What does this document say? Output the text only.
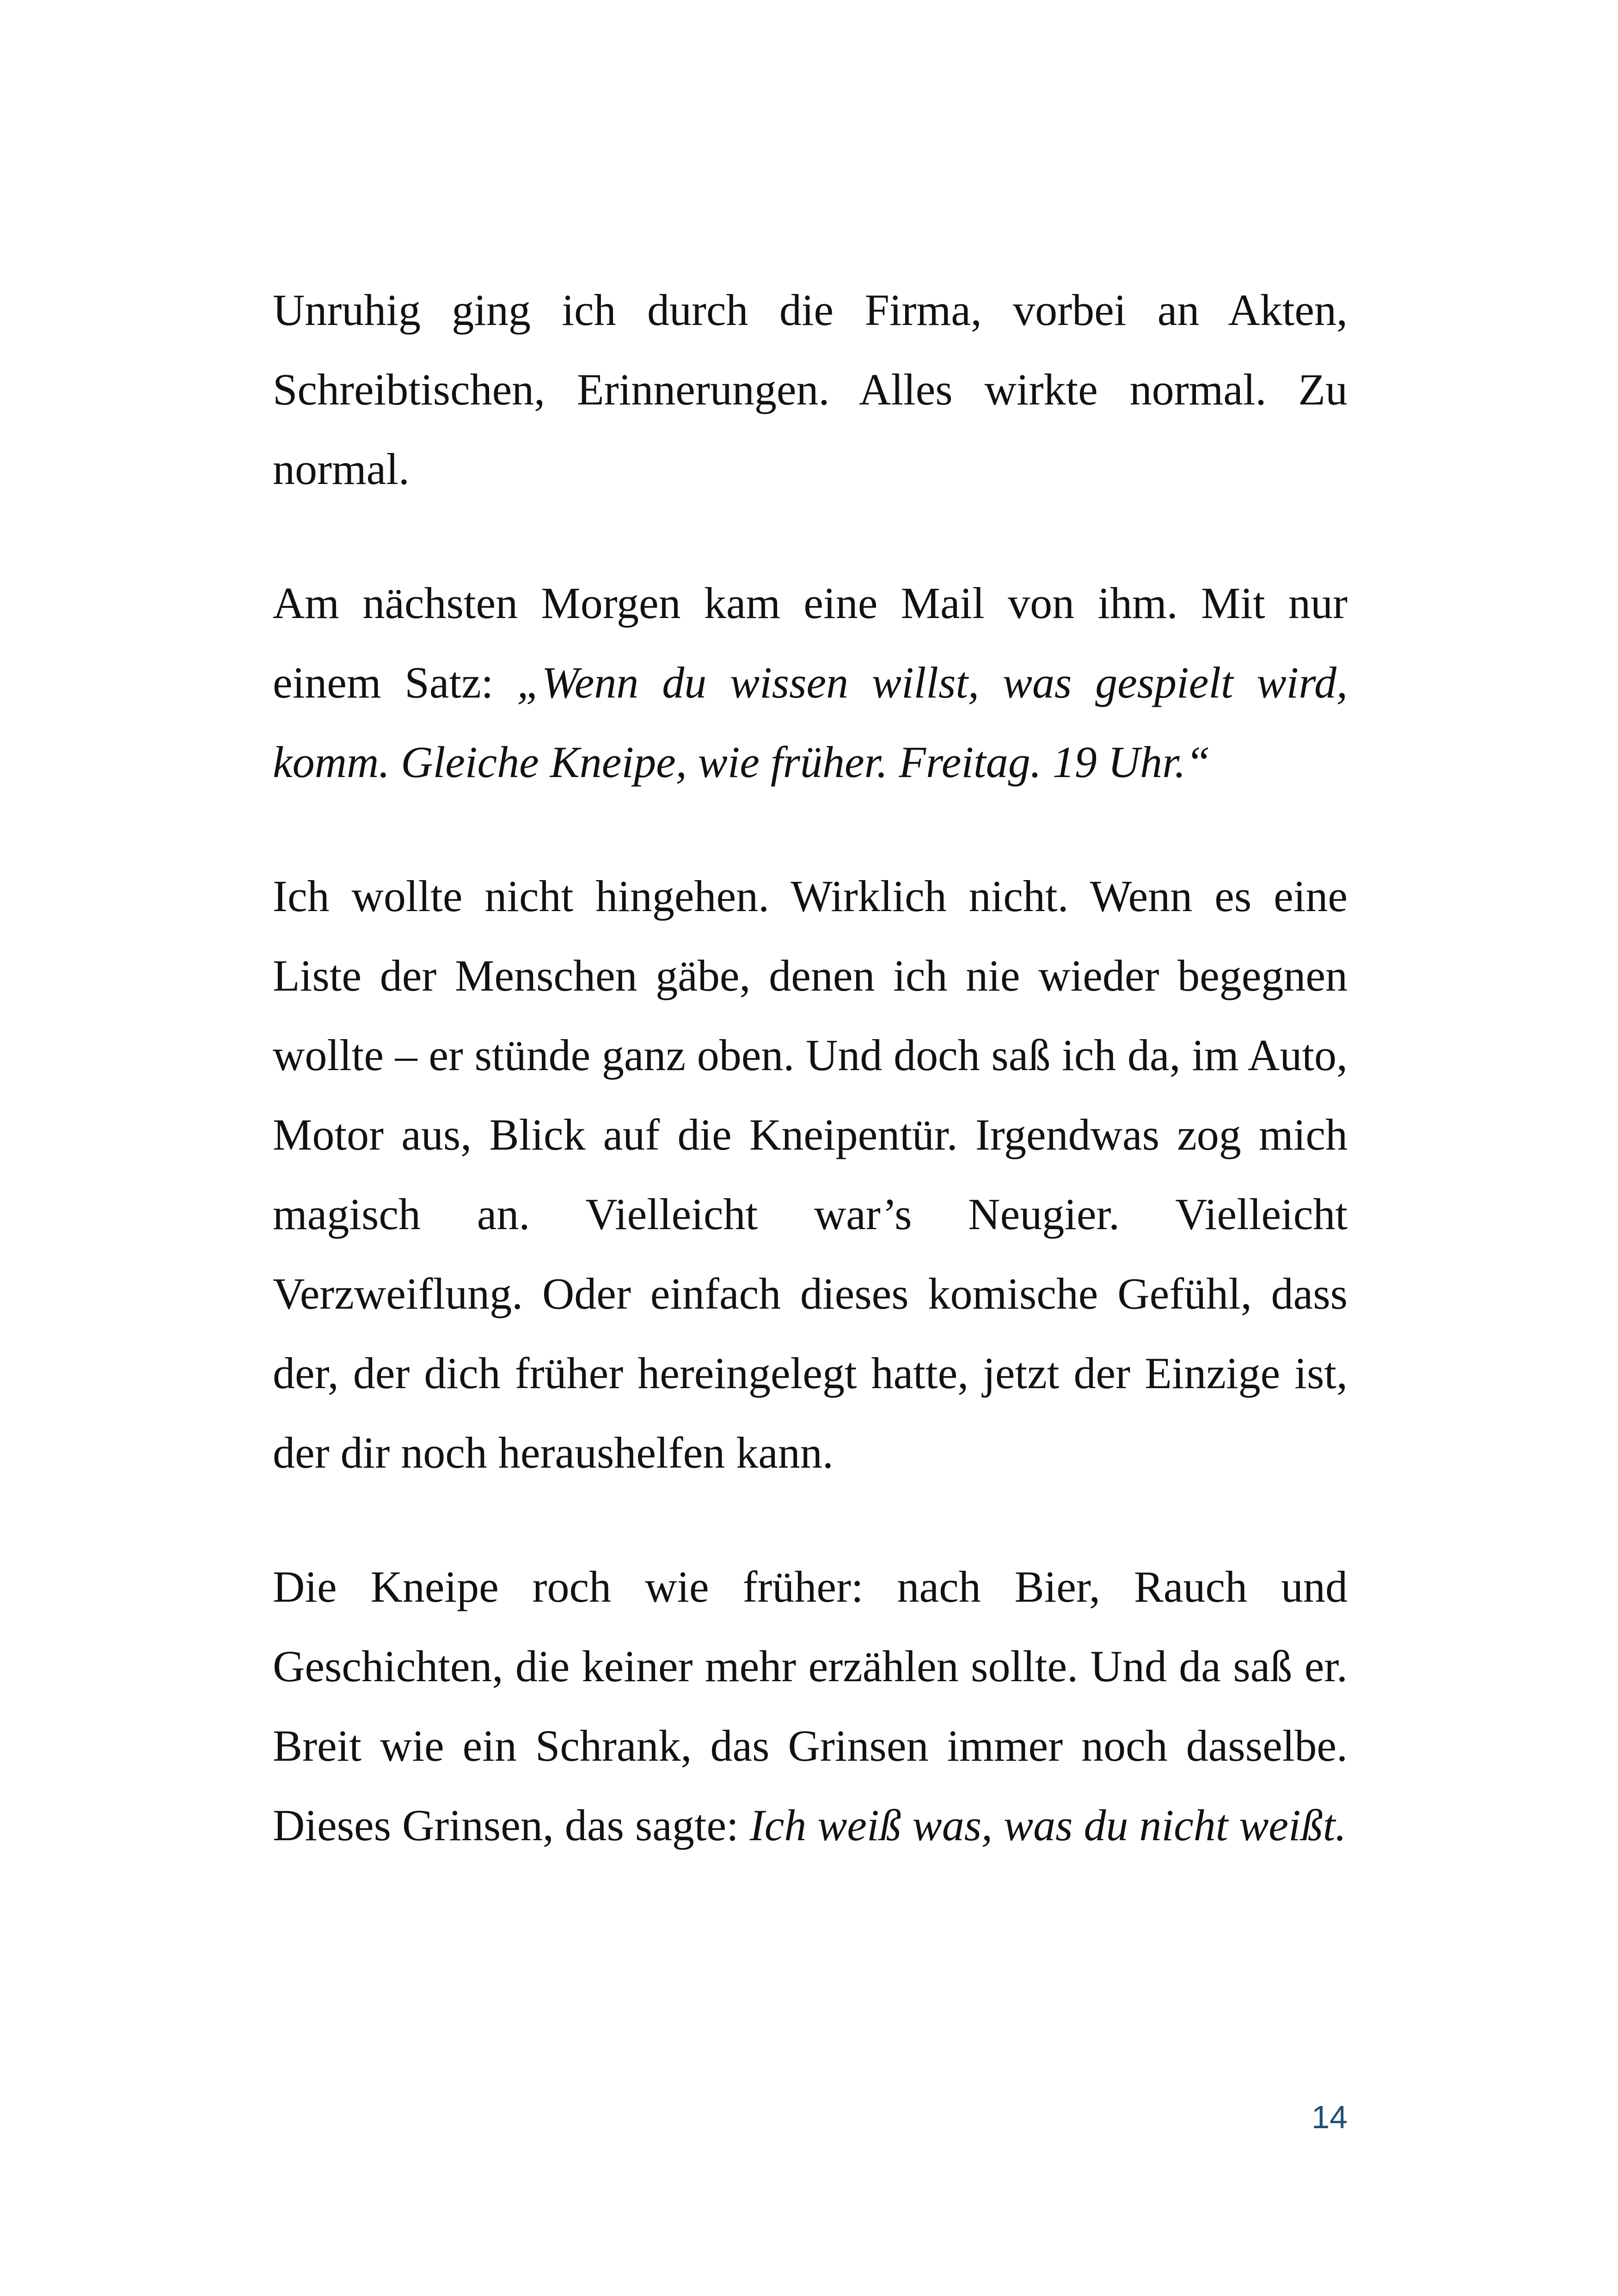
Unruhig ging ich durch die Firma, vorbei an Akten, Schreibtischen, Erinnerungen. Alles wirkte normal. Zu normal.

Am nächsten Morgen kam eine Mail von ihm. Mit nur einem Satz: „Wenn du wissen willst, was gespielt wird, komm. Gleiche Kneipe, wie früher. Freitag. 19 Uhr.“

Ich wollte nicht hingehen. Wirklich nicht. Wenn es eine Liste der Menschen gäbe, denen ich nie wieder begegnen wollte – er stünde ganz oben. Und doch saß ich da, im Auto, Motor aus, Blick auf die Kneipentür. Irgendwas zog mich magisch an. Vielleicht war’s Neugier. Vielleicht Verzweiflung. Oder einfach dieses komische Gefühl, dass der, der dich früher hereingelegt hatte, jetzt der Einzige ist, der dir noch heraushelfen kann.

Die Kneipe roch wie früher: nach Bier, Rauch und Geschichten, die keiner mehr erzählen sollte. Und da saß er. Breit wie ein Schrank, das Grinsen immer noch dasselbe. Dieses Grinsen, das sagte: Ich weiß was, was du nicht weißt.

14
